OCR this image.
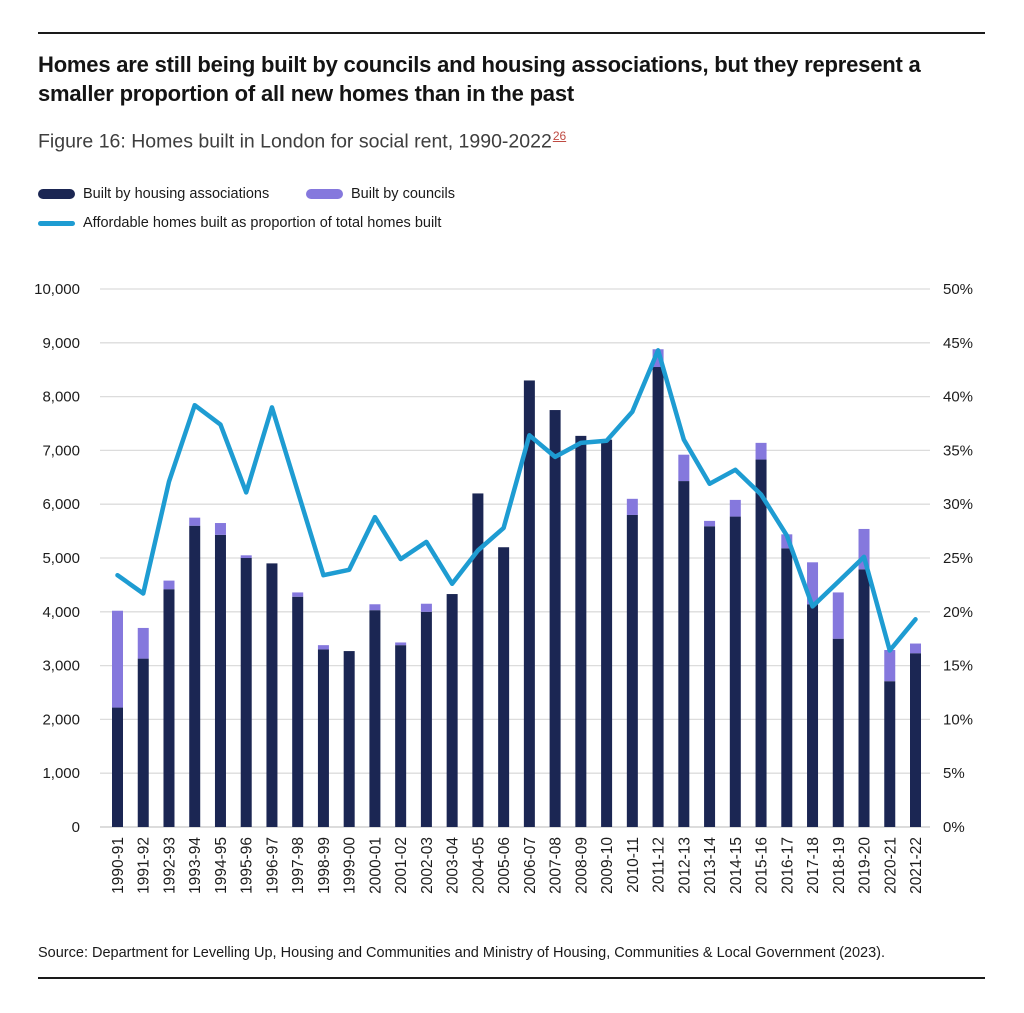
Homes are still being built by councils and housing associations, but they represent a smaller proportion of all new homes than in the past
Figure 16: Homes built in London for social rent, 1990-2022$^{26}$
Built by housing associations	Built by councils
Affordable homes built as proportion of total homes built
0	0%
1,000	5%
2,000	10%
3,000	15%
4,000	20%
5,000	25%
6,000	30%
7,000	35%
8,000	40%
9,000	45%
10,000	50%
1990-91 1991-92 1992-93 1993-94 1994-95 1995-96 1996-97 1997-98 1998-99 1999-00 2000-01 2001-02 2002-03 2003-04 2004-05 2005-06 2006-07 2007-08 2008-09 2009-10 2010-11 2011-12 2012-13 2013-14 2014-15 2015-16 2016-17 2017-18 2018-19 2019-20 2020-21 2021-22
Source: Department for Levelling Up, Housing and Communities and Ministry of Housing, Communities & Local Government (2023).
